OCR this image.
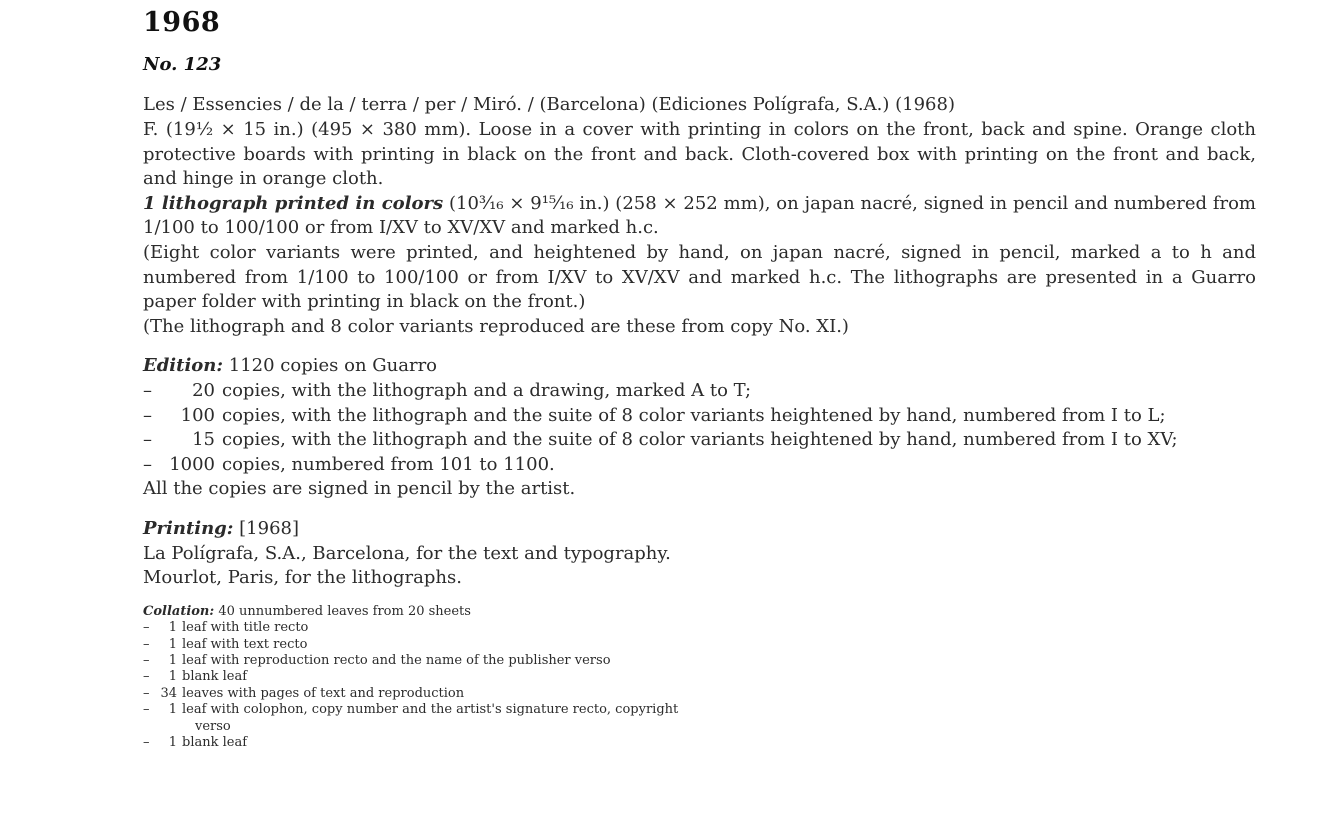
1968
No. 123

Les / Essencies / de la / terra / per / Miró. / (Barcelona) (Ediciones Polígrafa, S.A.) (1968)

F. (19½ × 15 in.) (495 × 380 mm). Loose in a cover with printing in colors on the front, back and spine. Orange cloth protective boards with printing in black on the front and back. Cloth-covered box with printing on the front and back, and hinge in orange cloth.

1 lithograph printed in colors (10³⁄₁₆ × 9¹⁵⁄₁₆ in.) (258 × 252 mm), on japan nacré, signed in pencil and numbered from 1/100 to 100/100 or from I/XV to XV/XV and marked h.c.

(Eight color variants were printed, and heightened by hand, on japan nacré, signed in pencil, marked a to h and numbered from 1/100 to 100/100 or from I/XV to XV/XV and marked h.c. The lithographs are presented in a Guarro paper folder with printing in black on the front.)

(The lithograph and 8 color variants reproduced are these from copy No. XI.)

Edition: 1120 copies on Guarro

–	20 copies, with the lithograph and a drawing, marked A to T;
–	100 copies, with the lithograph and the suite of 8 color variants heightened by hand, numbered from I to L;
–	15 copies, with the lithograph and the suite of 8 color variants heightened by hand, numbered from I to XV;
– 1000 copies, numbered from 101 to 1100.

All the copies are signed in pencil by the artist.

Printing: [1968]

La Polígrafa, S.A., Barcelona, for the text and typography.

Mourlot, Paris, for the lithographs.

Collation: 40 unnumbered leaves from 20 sheets

–	1 leaf with title recto
–	1 leaf with text recto
–	1 leaf with reproduction recto and the name of the publisher verso
–	1 blank leaf
– 34 leaves with pages of text and reproduction
–	1 leaf with colophon, copy number and the artist's signature recto, copyright
verso
–	1 blank leaf
